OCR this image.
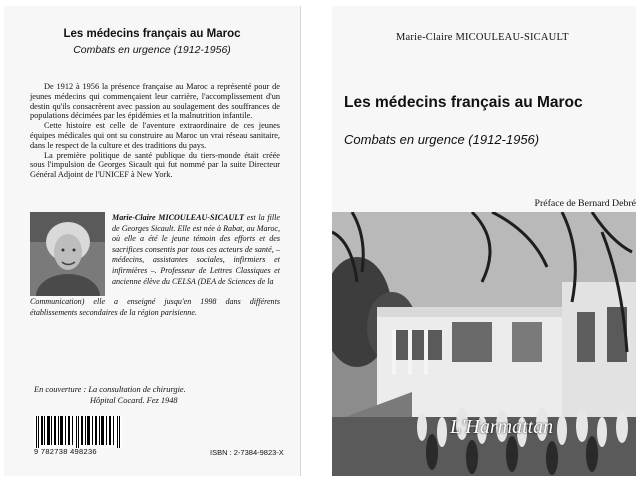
Les médecins français au Maroc
Combats en urgence (1912-1956)

De 1912 à 1956 la présence française au Maroc a représenté pour de jeunes médecins qui commençaient leur carrière, l'accomplissement d'un destin qu'ils consacrèrent avec passion au soulagement des souffrances de populations décimées par les épidémies et la malnutrition infantile.

Cette histoire est celle de l'aventure extraordinaire de ces jeunes équipes médicales qui ont su construire au Maroc un vrai réseau sanitaire, dans le respect de la culture et des traditions du pays.

La première politique de santé publique du tiers-monde était créée sous l'impulsion de Georges Sicault qui fut nommé par la suite Directeur Général Adjoint de l'UNICEF à New York.

Marie-Claire MICOULEAU-SICAULT est la fille de Georges Sicault. Elle est née à Rabat, au Maroc, où elle a été le jeune témoin des efforts et des sacrifices consentis par tous ces acteurs de santé, – médecins, assistantes sociales, infirmiers et infirmières –. Professeur de Lettres Classiques et ancienne élève du CELSA (DEA de Sciences de la
Communication) elle a enseigné jusqu'en 1998 dans différents établissements secondaires de la région parisienne.
En couverture : La consultation de chirurgie.
Hôpital Cocard. Fez 1948
9 782738 498236	ISBN : 2-7384-9823-X
Marie-Claire MICOULEAU-SICAULT
Les médecins français au Maroc
Combats en urgence (1912-1956)
Préface de Bernard Debré
L'Harmattan
